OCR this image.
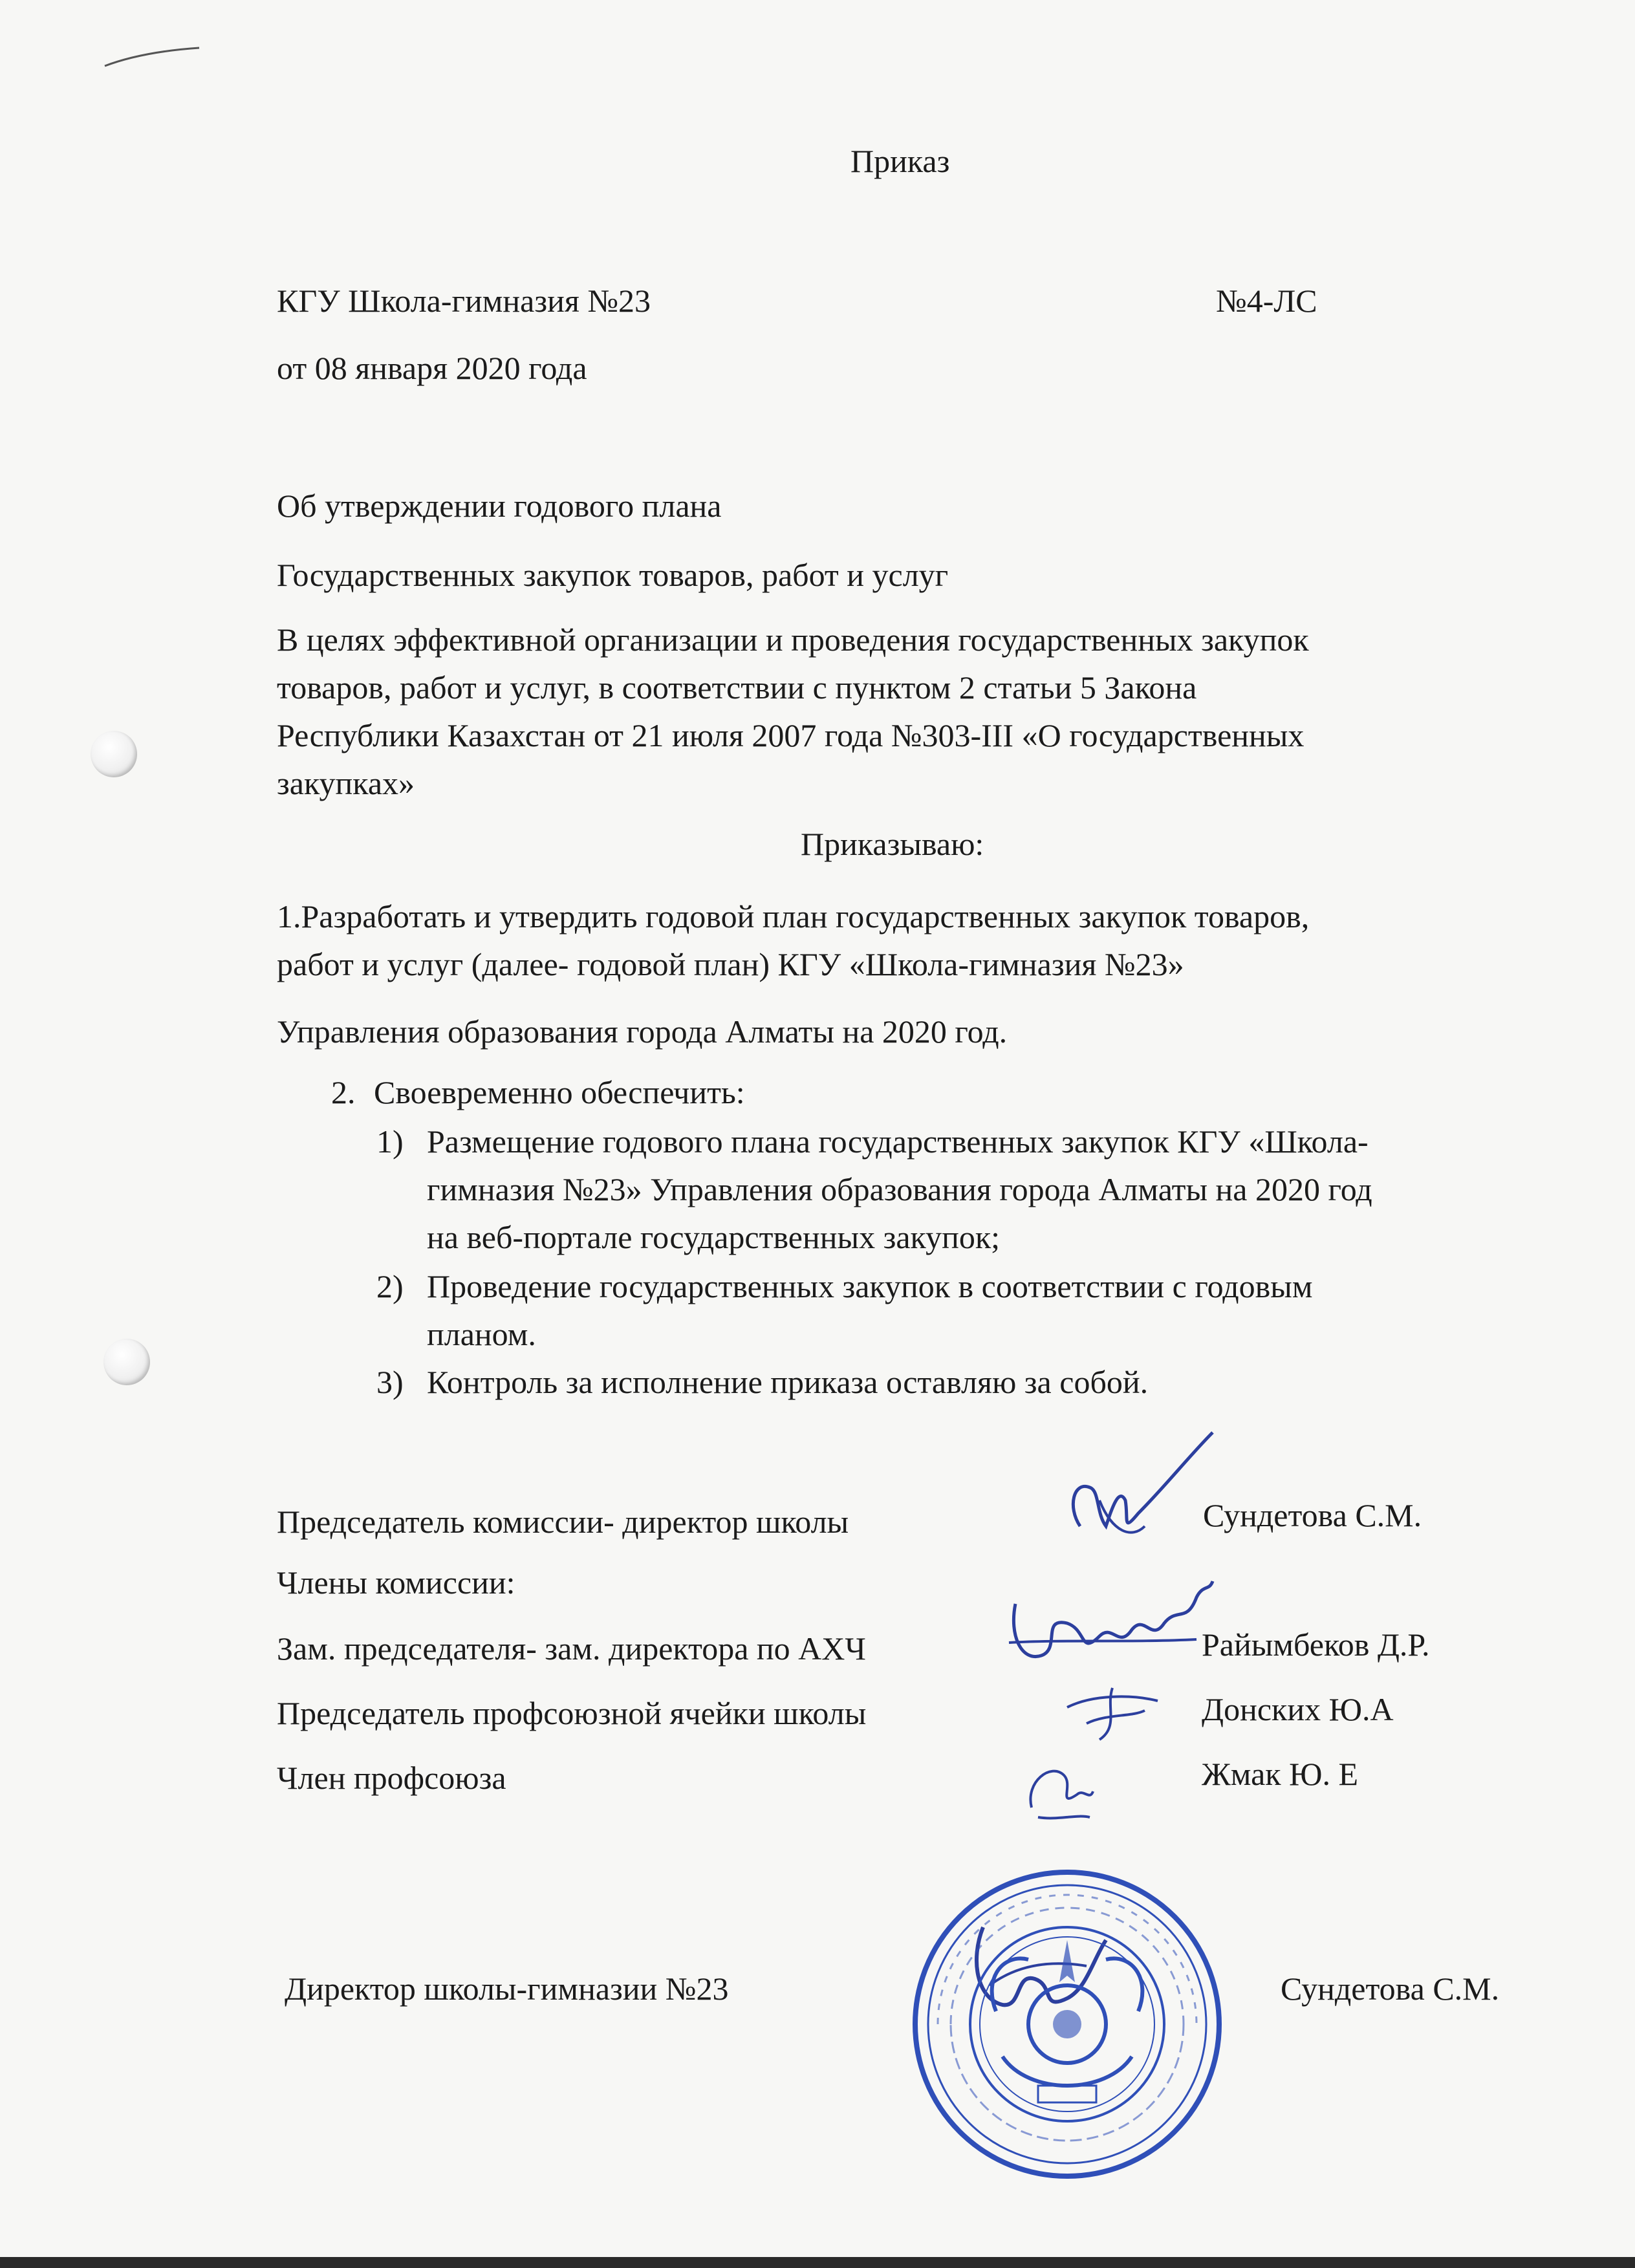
Приказ
КГУ Школа-гимназия №23	№4-ЛС
от 08 января 2020 года
Об утверждении годового плана
Государственных закупок товаров, работ и услуг
В целях эффективной организации и проведения государственных закупок
товаров, работ и услуг, в соответствии с пунктом 2 статьи 5 Закона
Республики Казахстан от 21 июля 2007 года №303-III «О государственных
закупках»
Приказываю:
1.Разработать и утвердить годовой план государственных закупок товаров,
работ и услуг (далее- годовой план) КГУ «Школа-гимназия №23»
Управления образования города Алматы на 2020 год.
2. Своевременно обеспечить:
1) Размещение годового плана государственных закупок КГУ «Школа-
гимназия №23» Управления образования города Алматы на 2020 год
на веб-портале государственных закупок;
2) Проведение государственных закупок в соответствии с годовым
планом.
3) Контроль за исполнение приказа оставляю за собой.
Председатель комиссии- директор школы	Сундетова С.М.
Члены комиссии:
Зам. председателя- зам. директора по АХЧ	Райымбеков Д.Р.
Председатель профсоюзной ячейки школы	Донских Ю.А
Член профсоюза	Жмак Ю. Е
Директор школы-гимназии №23	Сундетова С.М.
